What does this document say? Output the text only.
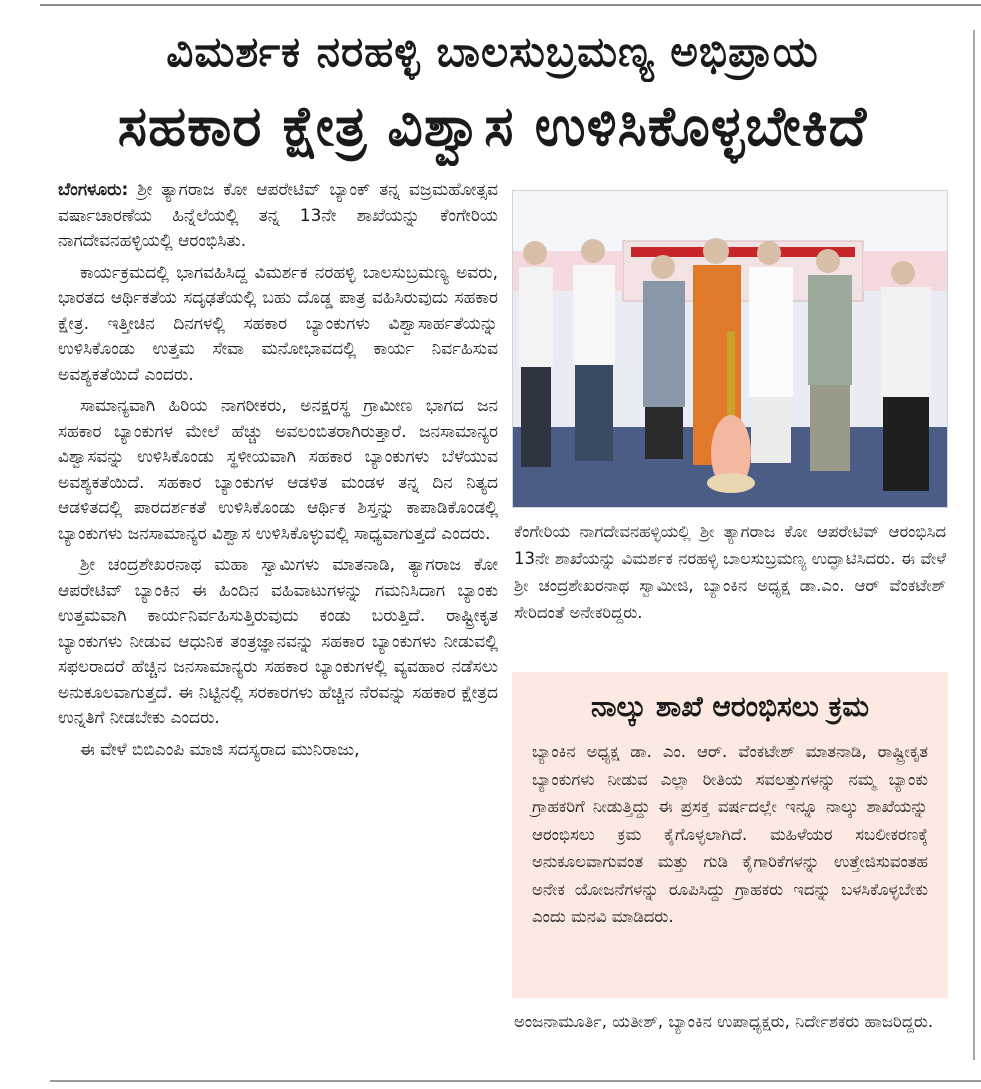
ವಿಮರ್ಶಕ ನರಹಳ್ಳಿ ಬಾಲಸುಬ್ರಮಣ್ಯ ಅಭಿಪ್ರಾಯ
ಸಹಕಾರ ಕ್ಷೇತ್ರ ವಿಶ್ವಾಸ ಉಳಿಸಿಕೊಳ್ಳಬೇಕಿದೆ

ಬೆಂಗಳೂರು: ಶ್ರೀ ತ್ಯಾಗರಾಜ ಕೋ ಆಪರೇಟಿವ್ ಬ್ಯಾಂಕ್ ತನ್ನ ವಜ್ರಮಹೋತ್ಸವ ವರ್ಷಾಚಾರಣೆಯ ಹಿನ್ನೆಲೆಯಲ್ಲಿ ತನ್ನ 13ನೇ ಶಾಖೆಯನ್ನು ಕೆಂಗೇರಿಯ ನಾಗದೇವನಹಳ್ಳಿಯಲ್ಲಿ ಆರಂಭಿಸಿತು.

ಕಾರ್ಯಕ್ರಮದಲ್ಲಿ ಭಾಗವಹಿಸಿದ್ದ ವಿಮರ್ಶಕ ನರಹಳ್ಳಿ ಬಾಲಸುಬ್ರಮಣ್ಯ ಅವರು, ಭಾರತದ ಆರ್ಥಿಕತೆಯ ಸದೃಢತೆಯಲ್ಲಿ ಬಹು ದೊಡ್ಡ ಪಾತ್ರ ವಹಿಸಿರುವುದು ಸಹಕಾರ ಕ್ಷೇತ್ರ. ಇತ್ತೀಚಿನ ದಿನಗಳಲ್ಲಿ ಸಹಕಾರ ಬ್ಯಾಂಕುಗಳು ವಿಶ್ವಾಸಾರ್ಹತೆಯನ್ನು ಉಳಿಸಿಕೊಂಡು ಉತ್ತಮ ಸೇವಾ ಮನೋಭಾವದಲ್ಲಿ ಕಾರ್ಯ ನಿರ್ವಹಿಸುವ ಅವಶ್ಯಕತೆಯಿದೆ ಎಂದರು.

ಸಾಮಾನ್ಯವಾಗಿ ಹಿರಿಯ ನಾಗರೀಕರು, ಅನಕ್ಷರಸ್ಥ ಗ್ರಾಮೀಣ ಭಾಗದ ಜನ ಸಹಕಾರ ಬ್ಯಾಂಕುಗಳ ಮೇಲೆ ಹೆಚ್ಚು ಅವಲಂಬಿತರಾಗಿರುತ್ತಾರೆ. ಜನಸಾಮಾನ್ಯರ ವಿಶ್ವಾಸವನ್ನು ಉಳಿಸಿಕೊಂಡು ಸ್ಥಳೀಯವಾಗಿ ಸಹಕಾರ ಬ್ಯಾಂಕುಗಳು ಬೆಳೆಯುವ ಅವಶ್ಯಕತೆಯಿದೆ. ಸಹಕಾರ ಬ್ಯಾಂಕುಗಳ ಆಡಳಿತ ಮಂಡಳ ತನ್ನ ದಿನ ನಿತ್ಯದ ಆಡಳಿತದಲ್ಲಿ ಪಾರದರ್ಶಕತೆ ಉಳಿಸಿಕೊಂಡು ಆರ್ಥಿಕ ಶಿಸ್ತನ್ನು ಕಾಪಾಡಿಕೊಂಡಲ್ಲಿ ಬ್ಯಾಂಕುಗಳು ಜನಸಾಮಾನ್ಯರ ವಿಶ್ವಾಸ ಉಳಿಸಿಕೊಳ್ಳುವಲ್ಲಿ ಸಾಧ್ಯವಾಗುತ್ತದೆ ಎಂದರು.

ಶ್ರೀ ಚಂದ್ರಶೇಖರನಾಥ ಮಹಾ ಸ್ವಾಮಿಗಳು ಮಾತನಾಡಿ, ತ್ಯಾಗರಾಜ ಕೋ ಆಪರೇಟಿವ್ ಬ್ಯಾಂಕಿನ ಈ ಹಿಂದಿನ ವಹಿವಾಟುಗಳನ್ನು ಗಮನಿಸಿದಾಗ ಬ್ಯಾಂಕು ಉತ್ತಮವಾಗಿ ಕಾರ್ಯನಿರ್ವಹಿಸುತ್ತಿರುವುದು ಕಂಡು ಬರುತ್ತಿದೆ. ರಾಷ್ಟ್ರೀಕೃತ ಬ್ಯಾಂಕುಗಳು ನೀಡುವ ಆಧುನಿಕ ತಂತ್ರಜ್ಞಾನವನ್ನು ಸಹಕಾರ ಬ್ಯಾಂಕುಗಳು ನೀಡುವಲ್ಲಿ ಸಫಲರಾದರೆ ಹೆಚ್ಚಿನ ಜನಸಾಮಾನ್ಯರು ಸಹಕಾರ ಬ್ಯಾಂಕುಗಳಲ್ಲಿ ವ್ಯವಹಾರ ನಡೆಸಲು ಅನುಕೂಲವಾಗುತ್ತದೆ. ಈ ನಿಟ್ಟಿನಲ್ಲಿ ಸರಕಾರಗಳು ಹೆಚ್ಚಿನ ನೆರವನ್ನು ಸಹಕಾರ ಕ್ಷೇತ್ರದ ಉನ್ನತಿಗೆ ನೀಡಬೇಕು ಎಂದರು.

ಈ ವೇಳೆ ಬಿಬಿಎಂಪಿ ಮಾಜಿ ಸದಸ್ಯರಾದ ಮುನಿರಾಜು,

ಕೆಂಗೇರಿಯ ನಾಗದೇವನಹಳ್ಳಿಯಲ್ಲಿ ಶ್ರೀ ತ್ಯಾಗರಾಜ ಕೋ ಆಪರೇಟಿವ್ ಆರಂಭಿಸಿದ 13ನೇ ಶಾಖೆಯನ್ನು ವಿಮರ್ಶಕ ನರಹಳ್ಳಿ ಬಾಲಸುಬ್ರಮಣ್ಯ ಉದ್ಘಾಟಿಸಿದರು. ಈ ವೇಳೆ ಶ್ರೀ ಚಂದ್ರಶೇಖರನಾಥ ಸ್ವಾಮೀಜಿ, ಬ್ಯಾಂಕಿನ ಅಧ್ಯಕ್ಷ ಡಾ.ಎಂ. ಆರ್ ವೆಂಕಟೇಶ್ ಸೇರಿದಂತೆ ಅನೇಕರಿದ್ದರು.
ನಾಲ್ಕು ಶಾಖೆ ಆರಂಭಿಸಲು ಕ್ರಮ
ಬ್ಯಾಂಕಿನ ಅಧ್ಯಕ್ಷ ಡಾ. ಎಂ. ಆರ್. ವೆಂಕಟೇಶ್ ಮಾತನಾಡಿ, ರಾಷ್ಟ್ರೀಕೃತ ಬ್ಯಾಂಕುಗಳು ನೀಡುವ ಎಲ್ಲಾ ರೀತಿಯ ಸವಲತ್ತುಗಳನ್ನು ನಮ್ಮ ಬ್ಯಾಂಕು ಗ್ರಾಹಕರಿಗೆ ನೀಡುತ್ತಿದ್ದು ಈ ಪ್ರಸಕ್ತ ವರ್ಷದಲ್ಲೇ ಇನ್ನೂ ನಾಲ್ಕು ಶಾಖೆಯನ್ನು ಆರಂಭಿಸಲು ಕ್ರಮ ಕೈಗೊಳ್ಳಲಾಗಿದೆ. ಮಹಿಳೆಯರ ಸಬಲೀಕರಣಕ್ಕೆ ಅನುಕೂಲವಾಗುವಂತ ಮತ್ತು ಗುಡಿ ಕೈಗಾರಿಕೆಗಳನ್ನು ಉತ್ತೇಜಿಸುವಂತಹ ಅನೇಕ ಯೋಜನೆಗಳನ್ನು ರೂಪಿಸಿದ್ದು ಗ್ರಾಹಕರು ಇದನ್ನು ಬಳಸಿಕೊಳ್ಳಬೇಕು ಎಂದು ಮನವಿ ಮಾಡಿದರು.
ಅಂಜನಾಮೂರ್ತಿ, ಯತೀಶ್, ಬ್ಯಾಂಕಿನ ಉಪಾಧ್ಯಕ್ಷರು, ನಿರ್ದೇಶಕರು ಹಾಜರಿದ್ದರು.
